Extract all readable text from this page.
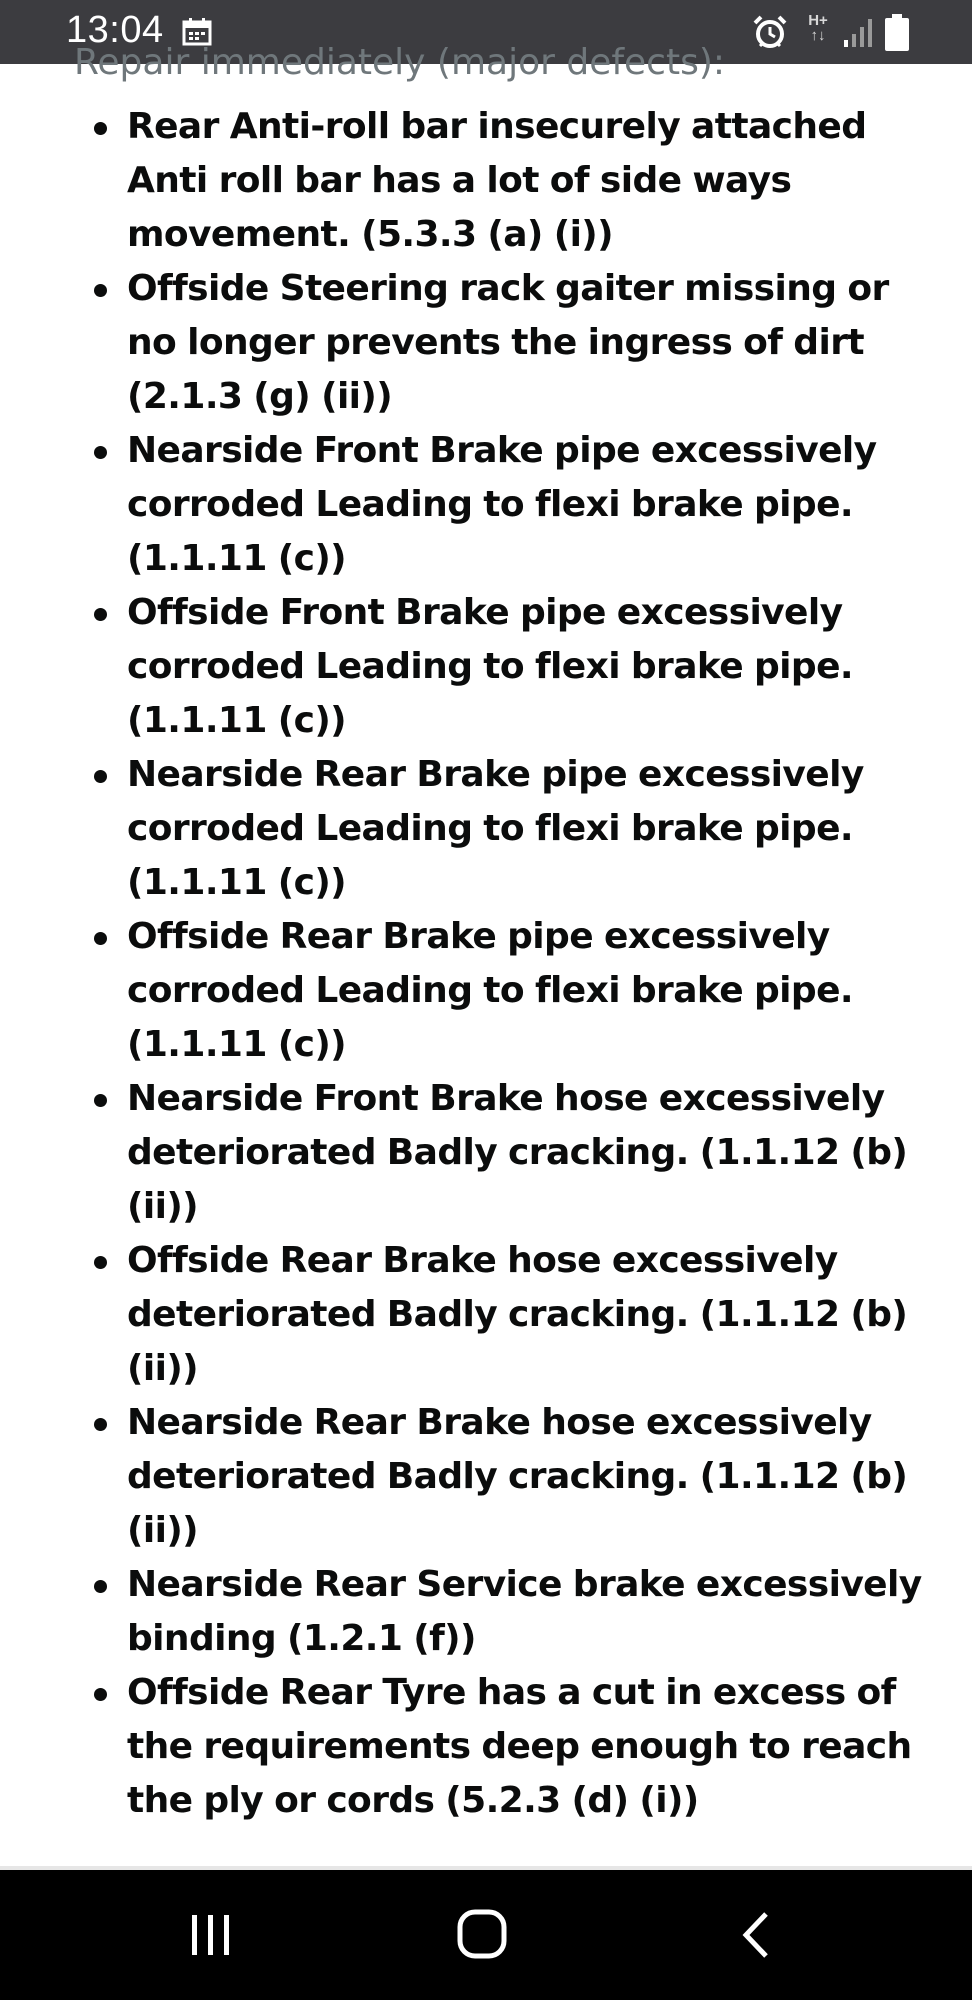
13:04	H+
↑↓
Repair immediately (major defects):
Rear Anti-roll bar insecurely attached Anti roll bar has a lot of side ways movement. (5.3.3 (a) (i))
Offside Steering rack gaiter missing or no longer prevents the ingress of dirt (2.1.3 (g) (ii))
Nearside Front Brake pipe excessively corroded Leading to flexi brake pipe. (1.1.11 (c))
Offside Front Brake pipe excessively corroded Leading to flexi brake pipe. (1.1.11 (c))
Nearside Rear Brake pipe excessively corroded Leading to flexi brake pipe. (1.1.11 (c))
Offside Rear Brake pipe excessively corroded Leading to flexi brake pipe. (1.1.11 (c))
Nearside Front Brake hose excessively deteriorated Badly cracking. (1.1.12 (b) (ii))
Offside Rear Brake hose excessively deteriorated Badly cracking. (1.1.12 (b) (ii))
Nearside Rear Brake hose excessively deteriorated Badly cracking. (1.1.12 (b) (ii))
Nearside Rear Service brake excessively binding (1.2.1 (f))
Offside Rear Tyre has a cut in excess of the requirements deep enough to reach the ply or cords (5.2.3 (d) (i))
